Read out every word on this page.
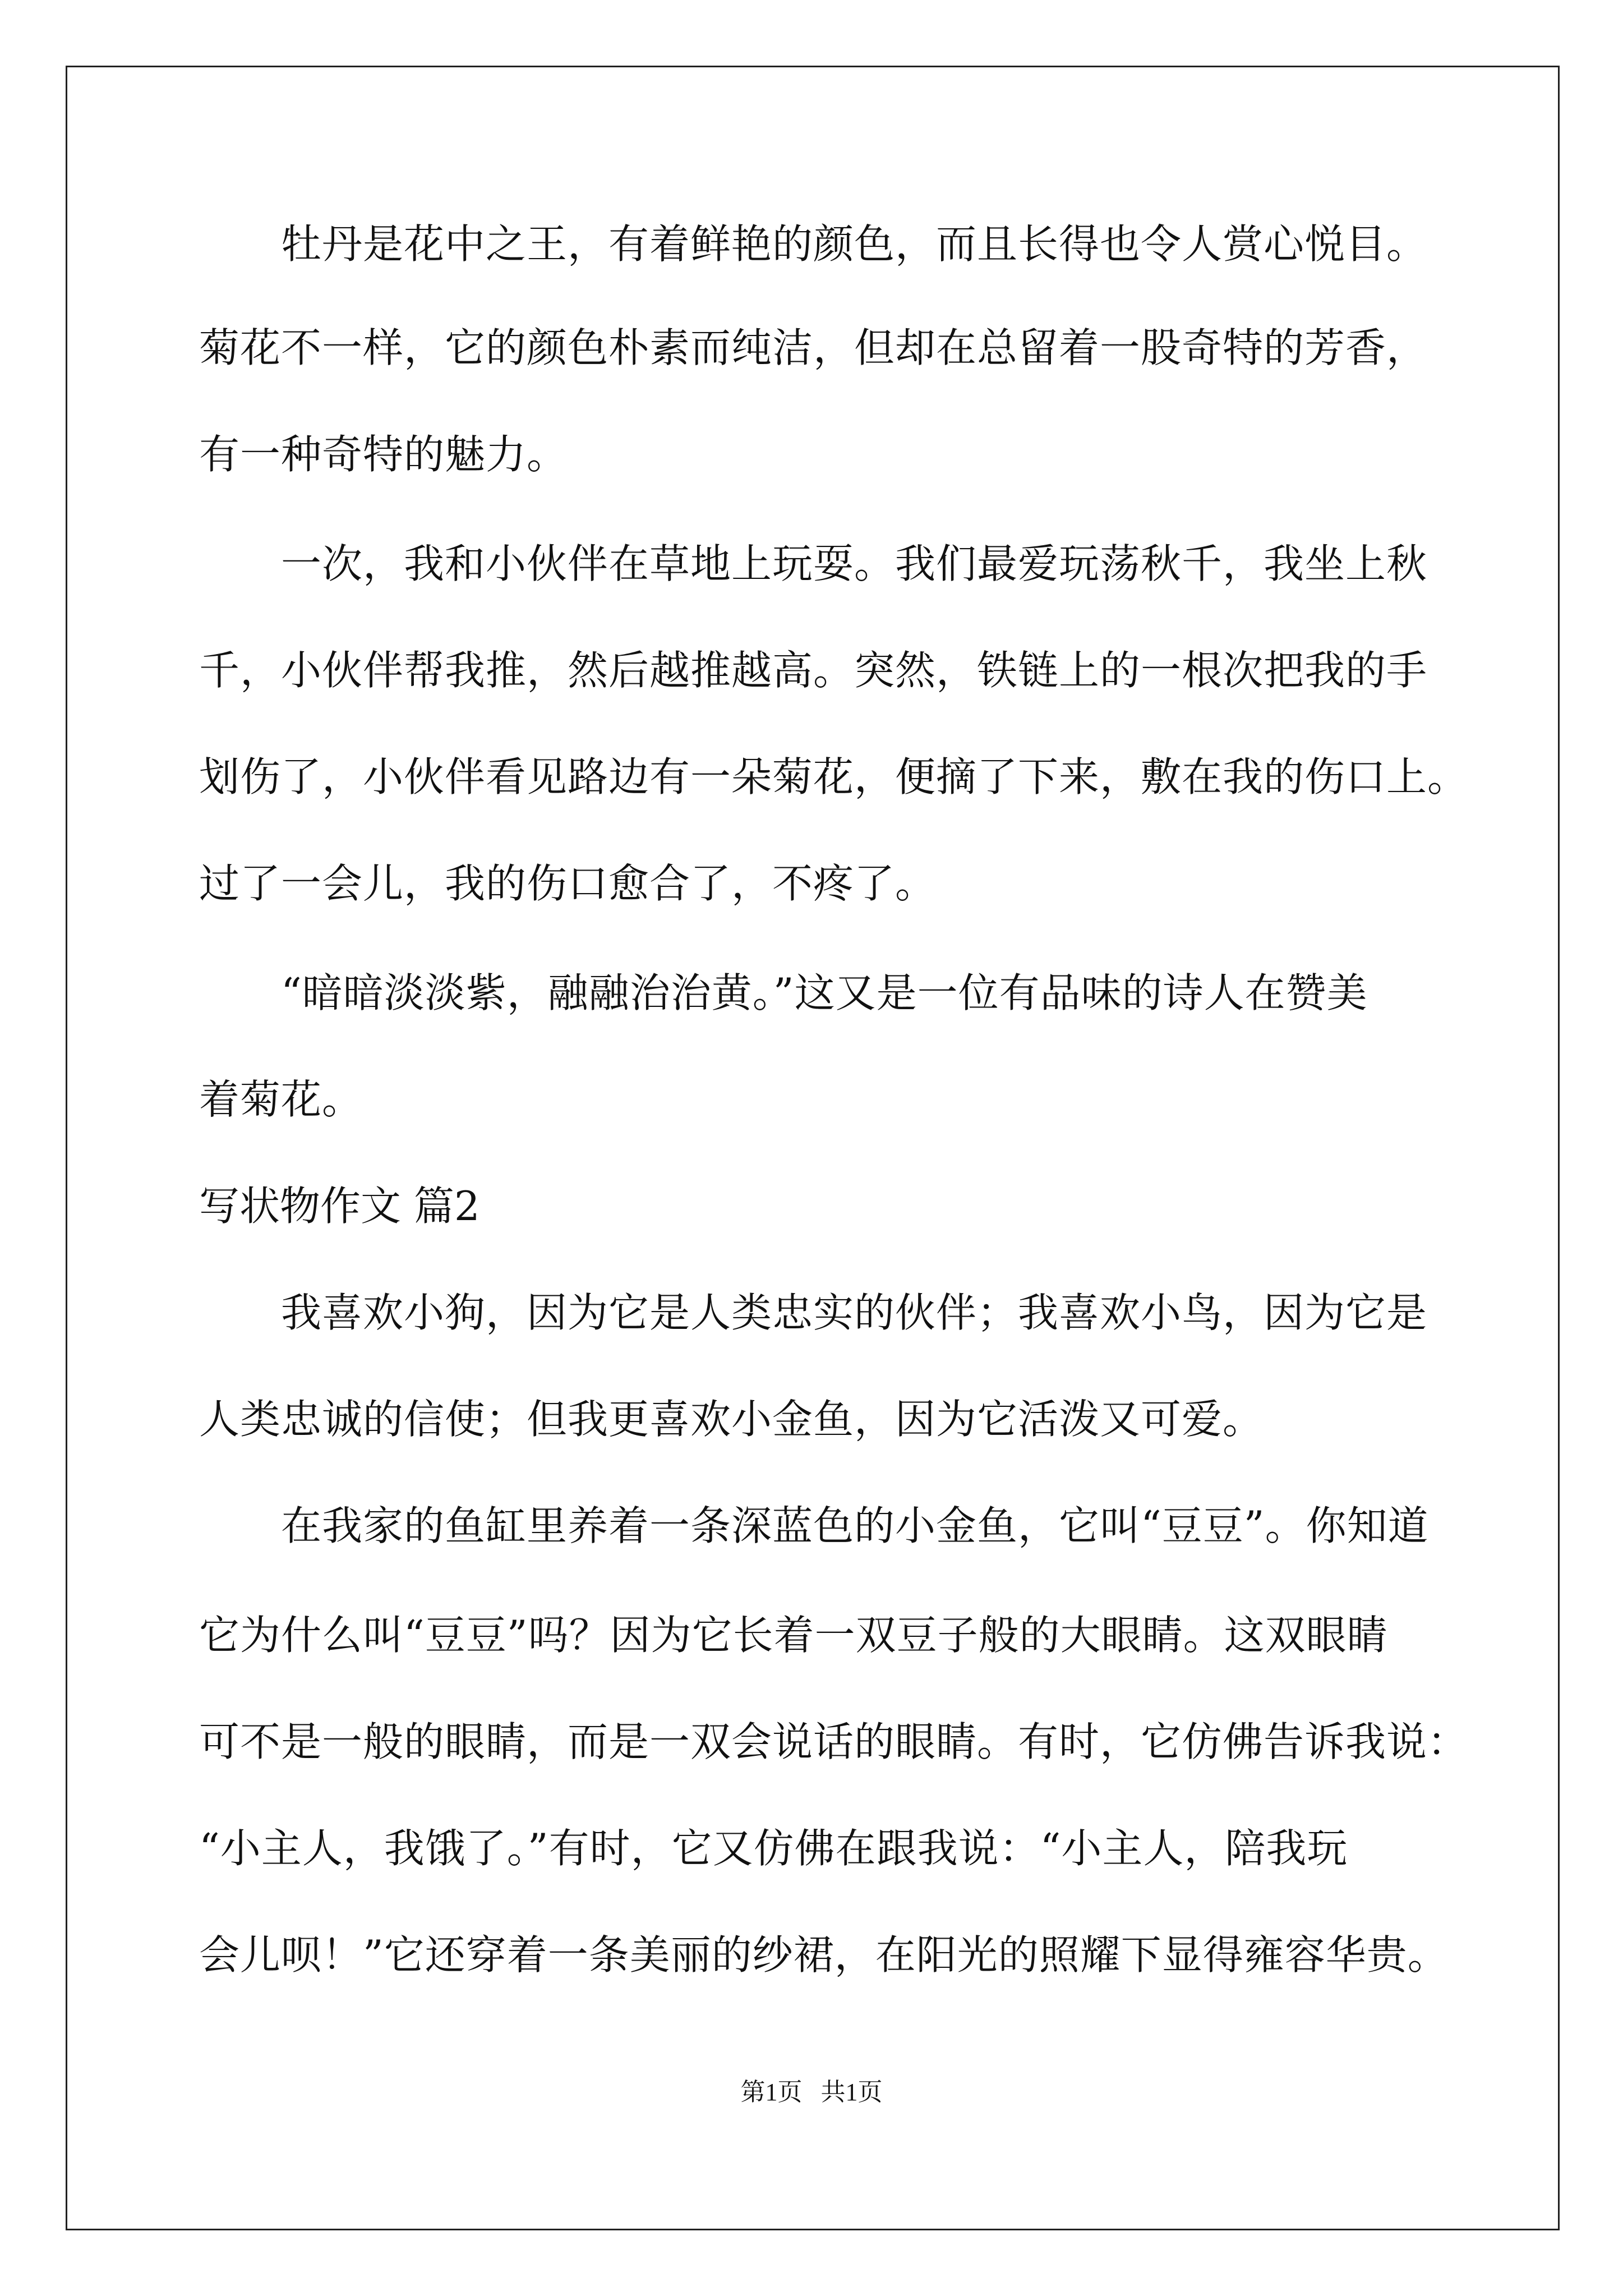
　　牡丹是花中之王，有着鲜艳的颜色，而且长得也令人赏心悦目。
菊花不一样，它的颜色朴素而纯洁，但却在总留着一股奇特的芳香，
有一种奇特的魅力。
　　一次，我和小伙伴在草地上玩耍。我们最爱玩荡秋千，我坐上秋
千，小伙伴帮我推，然后越推越高。突然，铁链上的一根次把我的手
划伤了，小伙伴看见路边有一朵菊花，便摘了下来，敷在我的伤口上。
过了一会儿，我的伤口愈合了，不疼了。
　　“暗暗淡淡紫，融融治治黄。”这又是一位有品味的诗人在赞美
着菊花。
写状物作文 篇2
　　我喜欢小狗，因为它是人类忠实的伙伴；我喜欢小鸟，因为它是
人类忠诚的信使；但我更喜欢小金鱼，因为它活泼又可爱。
　　在我家的鱼缸里养着一条深蓝色的小金鱼，它叫“豆豆”。你知道
它为什么叫“豆豆”吗？因为它长着一双豆子般的大眼睛。这双眼睛
可不是一般的眼睛，而是一双会说话的眼睛。有时，它仿佛告诉我说：
“小主人，我饿了。”有时，它又仿佛在跟我说：“小主人，陪我玩
会儿呗！”它还穿着一条美丽的纱裙，在阳光的照耀下显得雍容华贵。
第1页   共1页
